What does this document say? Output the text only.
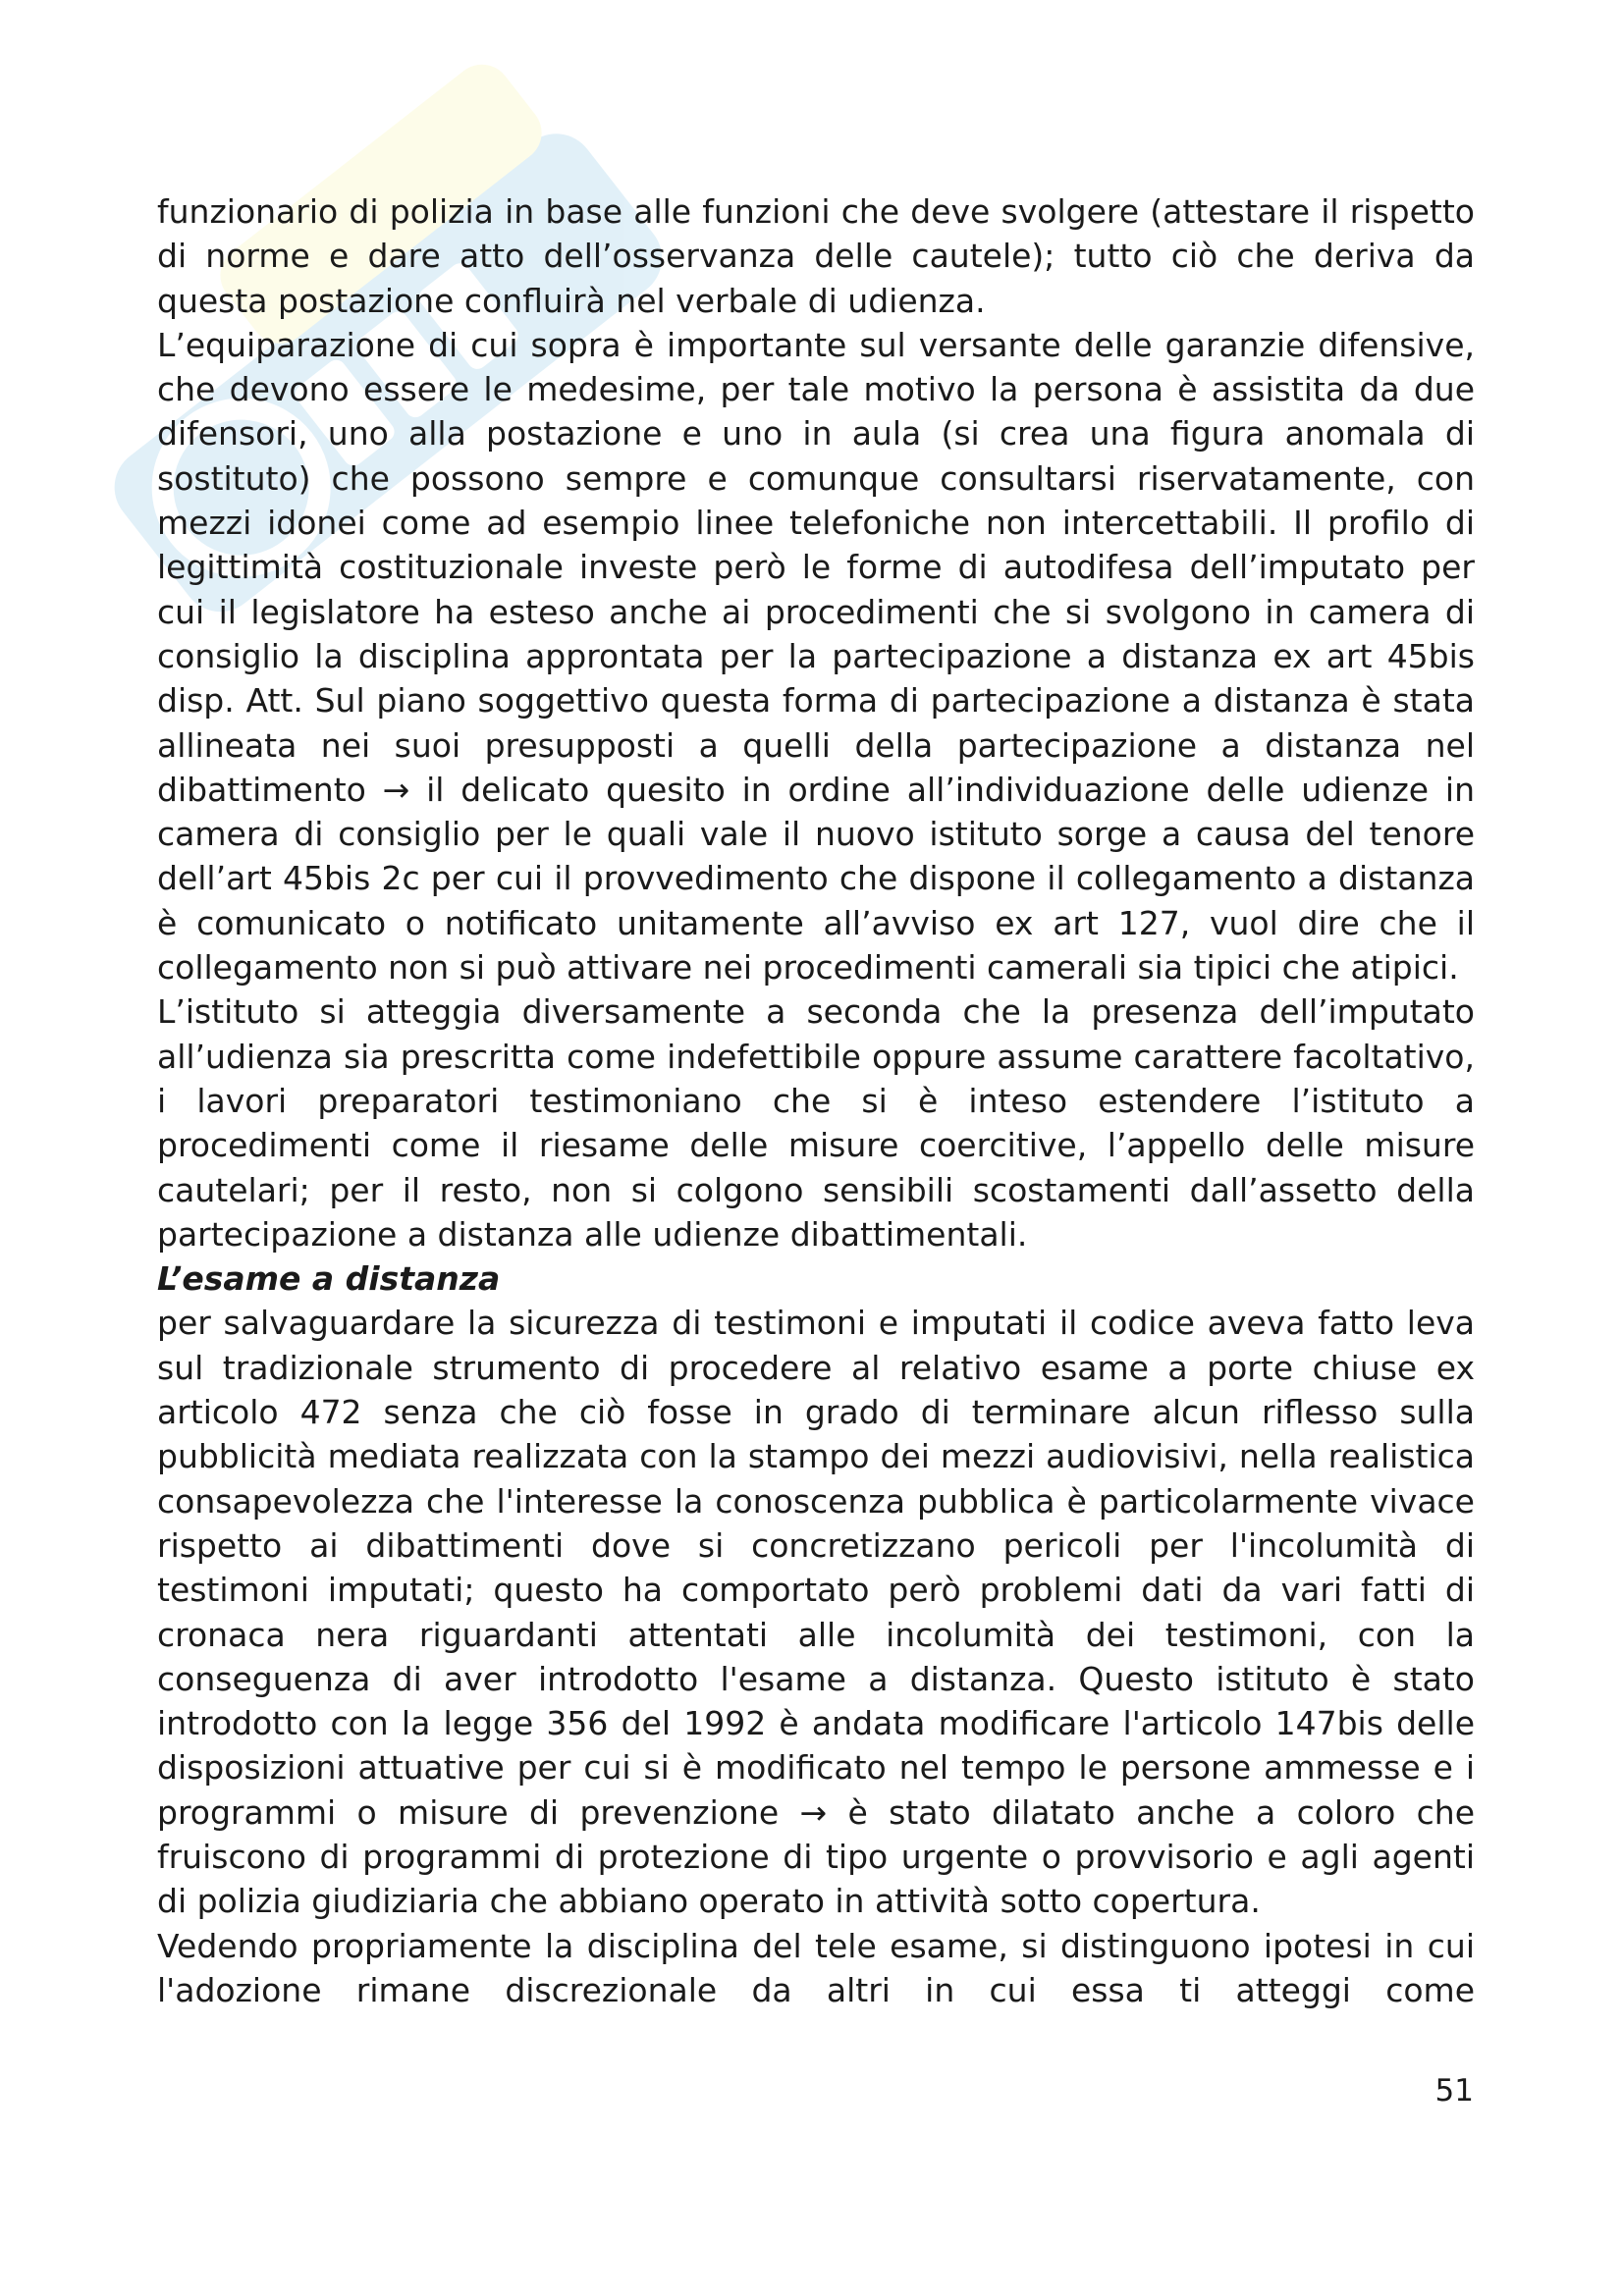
funzionario di polizia in base alle funzioni che deve svolgere (attestare il rispetto di norme e dare atto dell’osservanza delle cautele); tutto ciò che deriva da questa postazione confluirà nel verbale di udienza.

L’equiparazione di cui sopra è importante sul versante delle garanzie difensive, che devono essere le medesime, per tale motivo la persona è assistita da due difensori, uno alla postazione e uno in aula (si crea una figura anomala di sostituto) che possono sempre e comunque consultarsi riservatamente, con mezzi idonei come ad esempio linee telefoniche non intercettabili. Il profilo di legittimità costituzionale investe però le forme di autodifesa dell’imputato per cui il legislatore ha esteso anche ai procedimenti che si svolgono in camera di consiglio la disciplina approntata per la partecipazione a distanza ex art 45bis disp. Att. Sul piano soggettivo questa forma di partecipazione a distanza è stata allineata nei suoi presupposti a quelli della partecipazione a distanza nel dibattimento → il delicato quesito in ordine all’individuazione delle udienze in camera di consiglio per le quali vale il nuovo istituto sorge a causa del tenore dell’art 45bis 2c per cui il provvedimento che dispone il collegamento a distanza è comunicato o notificato unitamente all’avviso ex art 127, vuol dire che il collegamento non si può attivare nei procedimenti camerali sia tipici che atipici.

L’istituto si atteggia diversamente a seconda che la presenza dell’imputato all’udienza sia prescritta come indefettibile oppure assume carattere facoltativo, i lavori preparatori testimoniano che si è inteso estendere l’istituto a procedimenti come il riesame delle misure coercitive, l’appello delle misure cautelari; per il resto, non si colgono sensibili scostamenti dall’assetto della partecipazione a distanza alle udienze dibattimentali.

L’esame a distanza

per salvaguardare la sicurezza di testimoni e imputati il codice aveva fatto leva sul tradizionale strumento di procedere al relativo esame a porte chiuse ex articolo 472 senza che ciò fosse in grado di terminare alcun riflesso sulla pubblicità mediata realizzata con la stampo dei mezzi audiovisivi, nella realistica consapevolezza che l'interesse la conoscenza pubblica è particolarmente vivace rispetto ai dibattimenti dove si concretizzano pericoli per l'incolumità di testimoni imputati; questo ha comportato però problemi dati da vari fatti di cronaca nera riguardanti attentati alle incolumità dei testimoni, con la conseguenza di aver introdotto l'esame a distanza. Questo istituto è stato introdotto con la legge 356 del 1992 è andata modificare l'articolo 147bis delle disposizioni attuative per cui si è modificato nel tempo le persone ammesse e i programmi o misure di prevenzione → è stato dilatato anche a coloro che fruiscono di programmi di protezione di tipo urgente o provvisorio e agli agenti di polizia giudiziaria che abbiano operato in attività sotto copertura.

Vedendo propriamente la disciplina del tele esame, si distinguono ipotesi in cui l'adozione rimane discrezionale da altri in cui essa ti atteggi come

51
